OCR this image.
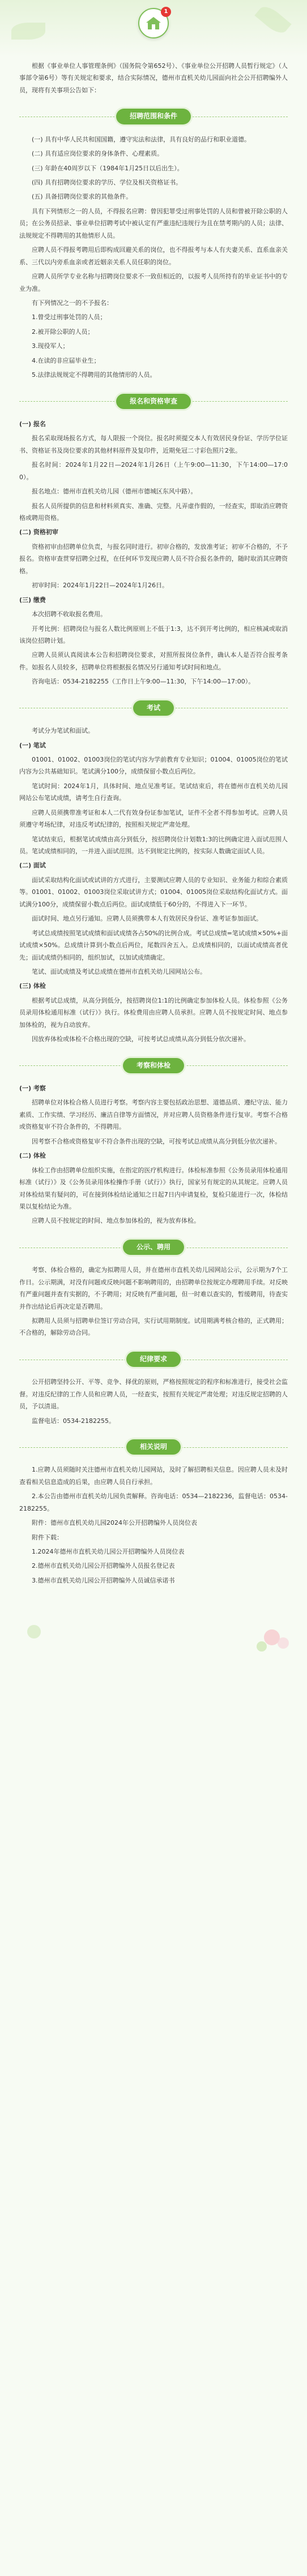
1

根据《事业单位人事管理条例》（国务院令第652号）、《事业单位公开招聘人员暂行规定》（人事部令第6号）等有关规定和要求，结合实际情况，德州市直机关幼儿园面向社会公开招聘编外人员，现将有关事项公告如下：

招聘范围和条件

(一) 具有中华人民共和国国籍，遵守宪法和法律，具有良好的品行和职业道德。

(二) 具有适应岗位要求的身体条件、心理素质。

(三) 年龄在40周岁以下（1984年1月25日以后出生）。

(四) 具有招聘岗位要求的学历、学位及相关资格证书。

(五) 具备招聘岗位要求的其他条件。

具有下列情形之一的人员，不得报名应聘：曾因犯罪受过刑事处罚的人员和曾被开除公职的人员；在公务员招录、事业单位招聘考试中被认定有严重违纪违规行为且在禁考期内的人员；法律、法规规定不得聘用的其他情形人员。

应聘人员不得报考聘用后即构成回避关系的岗位，也不得报考与本人有夫妻关系、直系血亲关系、三代以内旁系血亲或者近姻亲关系人员任职的岗位。

应聘人员所学专业名称与招聘岗位要求不一致但相近的，以报考人员所持有的毕业证书中的专业为准。

有下列情况之一的不予报名：

1.曾受过刑事处罚的人员；

2.被开除公职的人员；

3.现役军人；

4.在读的非应届毕业生；

5.法律法规规定不得聘用的其他情形的人员。

报名和资格审查

(一) 报名

报名采取现场报名方式，每人限报一个岗位。报名时须提交本人有效居民身份证、学历学位证书、资格证书及岗位要求的其他材料原件及复印件，近期免冠二寸彩色照片2张。

报名时间：2024年1月22日—2024年1月26日（上午9:00—11:30，下午14:00—17:00）。

报名地点：德州市直机关幼儿园（德州市德城区东风中路）。

报名人员所提供的信息和材料须真实、准确、完整。凡弄虚作假的，一经查实，即取消应聘资格或聘用资格。

(二) 资格初审

资格初审由招聘单位负责，与报名同时进行。初审合格的，发放准考证；初审不合格的，不予报名。资格审查贯穿招聘全过程，在任何环节发现应聘人员不符合报名条件的，随时取消其应聘资格。

初审时间：2024年1月22日—2024年1月26日。

(三) 缴费

本次招聘不收取报名费用。

开考比例：招聘岗位与报名人数比例原则上不低于1:3，达不到开考比例的，相应核减或取消该岗位招聘计划。

应聘人员须认真阅读本公告和招聘岗位要求，对照所报岗位条件，确认本人是否符合报考条件。如报名人员较多，招聘单位将根据报名情况另行通知考试时间和地点。

咨询电话：0534-2182255（工作日上午9:00—11:30，下午14:00—17:00）。

考试

考试分为笔试和面试。

(一) 笔试

01001、01002、01003岗位的笔试内容为学前教育专业知识；01004、01005岗位的笔试内容为公共基础知识。笔试满分100分，成绩保留小数点后两位。

笔试时间：2024年1月，具体时间、地点见准考证。笔试结束后，将在德州市直机关幼儿园网站公布笔试成绩，请考生自行查询。

应聘人员须携带准考证和本人二代有效身份证参加笔试，证件不全者不得参加考试。应聘人员须遵守考场纪律，对违反考试纪律的，按照相关规定严肃处理。

笔试结束后，根据笔试成绩由高分到低分，按招聘岗位计划数1:3的比例确定进入面试范围人员。笔试成绩相同的，一并进入面试范围。达不到规定比例的，按实际人数确定面试人员。

(二) 面试

面试采取结构化面试或试讲的方式进行，主要测试应聘人员的专业知识、业务能力和综合素质等。01001、01002、01003岗位采取试讲方式；01004、01005岗位采取结构化面试方式。面试满分100分，成绩保留小数点后两位。面试成绩低于60分的，不得进入下一环节。

面试时间、地点另行通知。应聘人员须携带本人有效居民身份证、准考证参加面试。

考试总成绩按照笔试成绩和面试成绩各占50%的比例合成。考试总成绩=笔试成绩×50%+面试成绩×50%。总成绩计算到小数点后两位，尾数四舍五入。总成绩相同的，以面试成绩高者优先；面试成绩仍相同的，组织加试，以加试成绩确定。

笔试、面试成绩及考试总成绩在德州市直机关幼儿园网站公布。

(三) 体检

根据考试总成绩，从高分到低分，按招聘岗位1:1的比例确定参加体检人员。体检参照《公务员录用体检通用标准（试行）》执行。体检费用由应聘人员承担。应聘人员不按规定时间、地点参加体检的，视为自动放弃。

因放弃体检或体检不合格出现的空缺，可按考试总成绩从高分到低分依次递补。

考察和体检

(一) 考察

招聘单位对体检合格人员进行考察。考察内容主要包括政治思想、道德品质、遵纪守法、能力素质、工作实绩、学习经历、廉洁自律等方面情况，并对应聘人员资格条件进行复审。考察不合格或资格复审不符合条件的，不得聘用。

因考察不合格或资格复审不符合条件出现的空缺，可按考试总成绩从高分到低分依次递补。

(二) 体检

体检工作由招聘单位组织实施，在指定的医疗机构进行。体检标准参照《公务员录用体检通用标准（试行）》及《公务员录用体检操作手册（试行）》执行，国家另有规定的从其规定。应聘人员对体检结果有疑问的，可在接到体检结论通知之日起7日内申请复检，复检只能进行一次，体检结果以复检结论为准。

应聘人员不按规定的时间、地点参加体检的，视为放弃体检。

公示、聘用

考察、体检合格的，确定为拟聘用人员，并在德州市直机关幼儿园网站公示，公示期为7个工作日。公示期满，对没有问题或反映问题不影响聘用的，由招聘单位按规定办理聘用手续。对反映有严重问题并查有实据的，不予聘用；对反映有严重问题，但一时难以查实的，暂缓聘用，待查实并作出结论后再决定是否聘用。

拟聘用人员须与招聘单位签订劳动合同，实行试用期制度。试用期满考核合格的，正式聘用；不合格的，解除劳动合同。

纪律要求

公开招聘坚持公开、平等、竞争、择优的原则，严格按照规定的程序和标准进行，接受社会监督。对违反纪律的工作人员和应聘人员，一经查实，按照有关规定严肃处理；对违反规定招聘的人员，予以清退。

监督电话：0534-2182255。

相关说明

1.应聘人员须随时关注德州市直机关幼儿园网站，及时了解招聘相关信息。因应聘人员未及时查看相关信息造成的后果，由应聘人员自行承担。

2.本公告由德州市直机关幼儿园负责解释。咨询电话：0534—2182236，监督电话：0534-2182255。

附件：德州市直机关幼儿园2024年公开招聘编外人员岗位表

附件下载：

1.2024年德州市直机关幼儿园公开招聘编外人员岗位表

2.德州市直机关幼儿园公开招聘编外人员报名登记表

3.德州市直机关幼儿园公开招聘编外人员诚信承诺书
